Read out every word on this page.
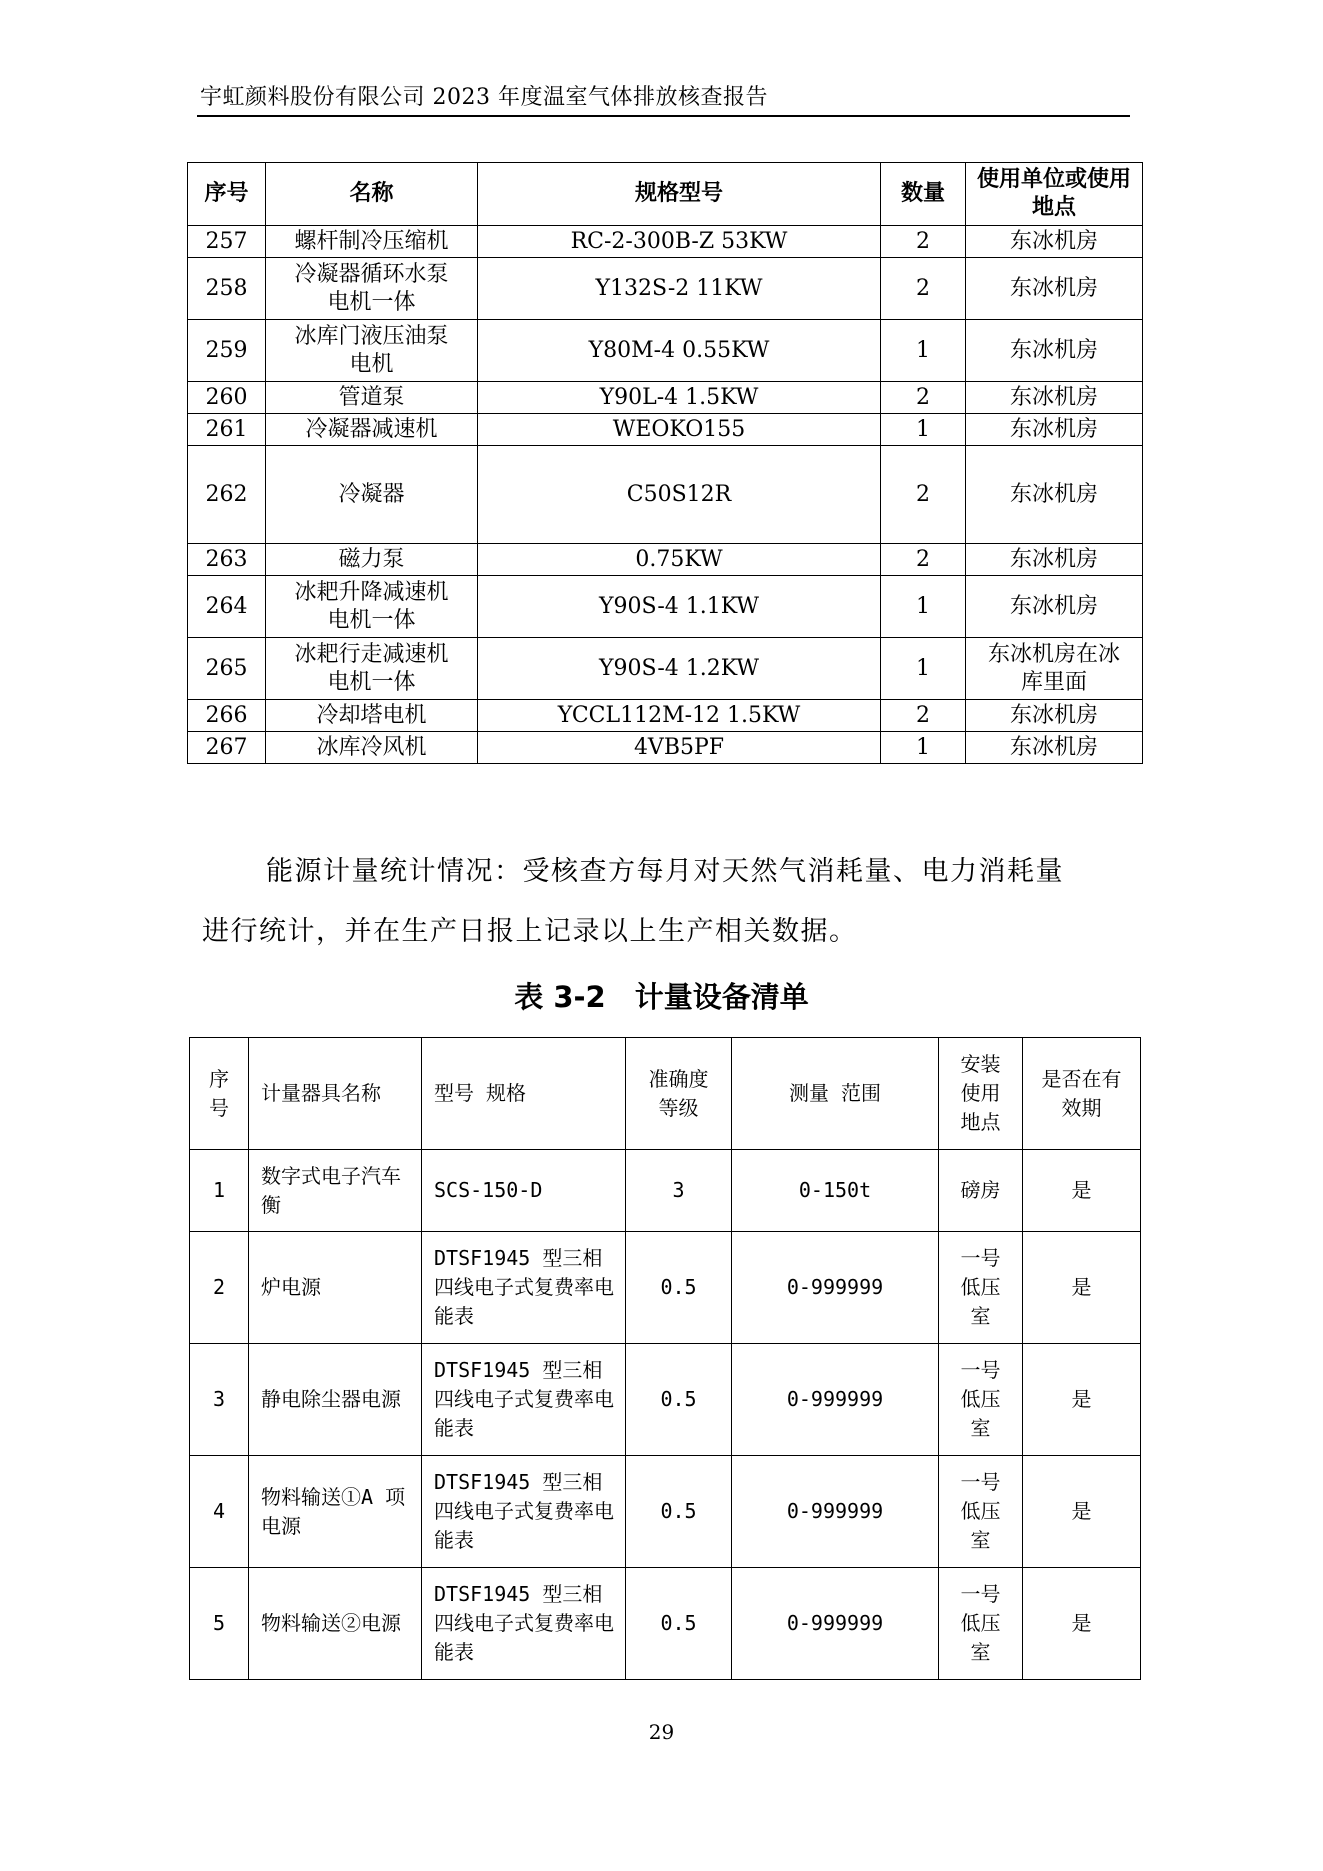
宇虹颜料股份有限公司 2023 年度温室气体排放核查报告
序号	名称	规格型号	数量	使用单位或使用地点
257	螺杆制冷压缩机	RC-2-300B-Z 53KW	2	东冰机房
258	冷凝器循环水泵电机一体	Y132S-2 11KW	2	东冰机房
259	冰库门液压油泵电机	Y80M-4 0.55KW	1	东冰机房
260	管道泵	Y90L-4 1.5KW	2	东冰机房
261	冷凝器减速机	WEOKO155	1	东冰机房
262	冷凝器	C50S12R	2	东冰机房
263	磁力泵	0.75KW	2	东冰机房
264	冰耙升降减速机电机一体	Y90S-4 1.1KW	1	东冰机房
265	冰耙行走减速机电机一体	Y90S-4 1.2KW	1	东冰机房在冰库里面
266	冷却塔电机	YCCL112M-12 1.5KW	2	东冰机房
267	冰库冷风机	4VB5PF	1	东冰机房
能源计量统计情况：受核查方每月对天然气消耗量、电力消耗量
进行统计，并在生产日报上记录以上生产相关数据。
表 3-2　计量设备清单
序号	计量器具名称	型号 规格	准确度等级	测量 范围	安装使用地点	是否在有效期
1	数字式电子汽车衡	SCS-150-D	3	0-150t	磅房	是
2	炉电源	DTSF1945 型三相四线电子式复费率电能表	0.5	0-999999	一号低压室	是
3	静电除尘器电源	DTSF1945 型三相四线电子式复费率电能表	0.5	0-999999	一号低压室	是
4	物料输送①A 项电源	DTSF1945 型三相四线电子式复费率电能表	0.5	0-999999	一号低压室	是
5	物料输送②电源	DTSF1945 型三相四线电子式复费率电能表	0.5	0-999999	一号低压室	是
29
